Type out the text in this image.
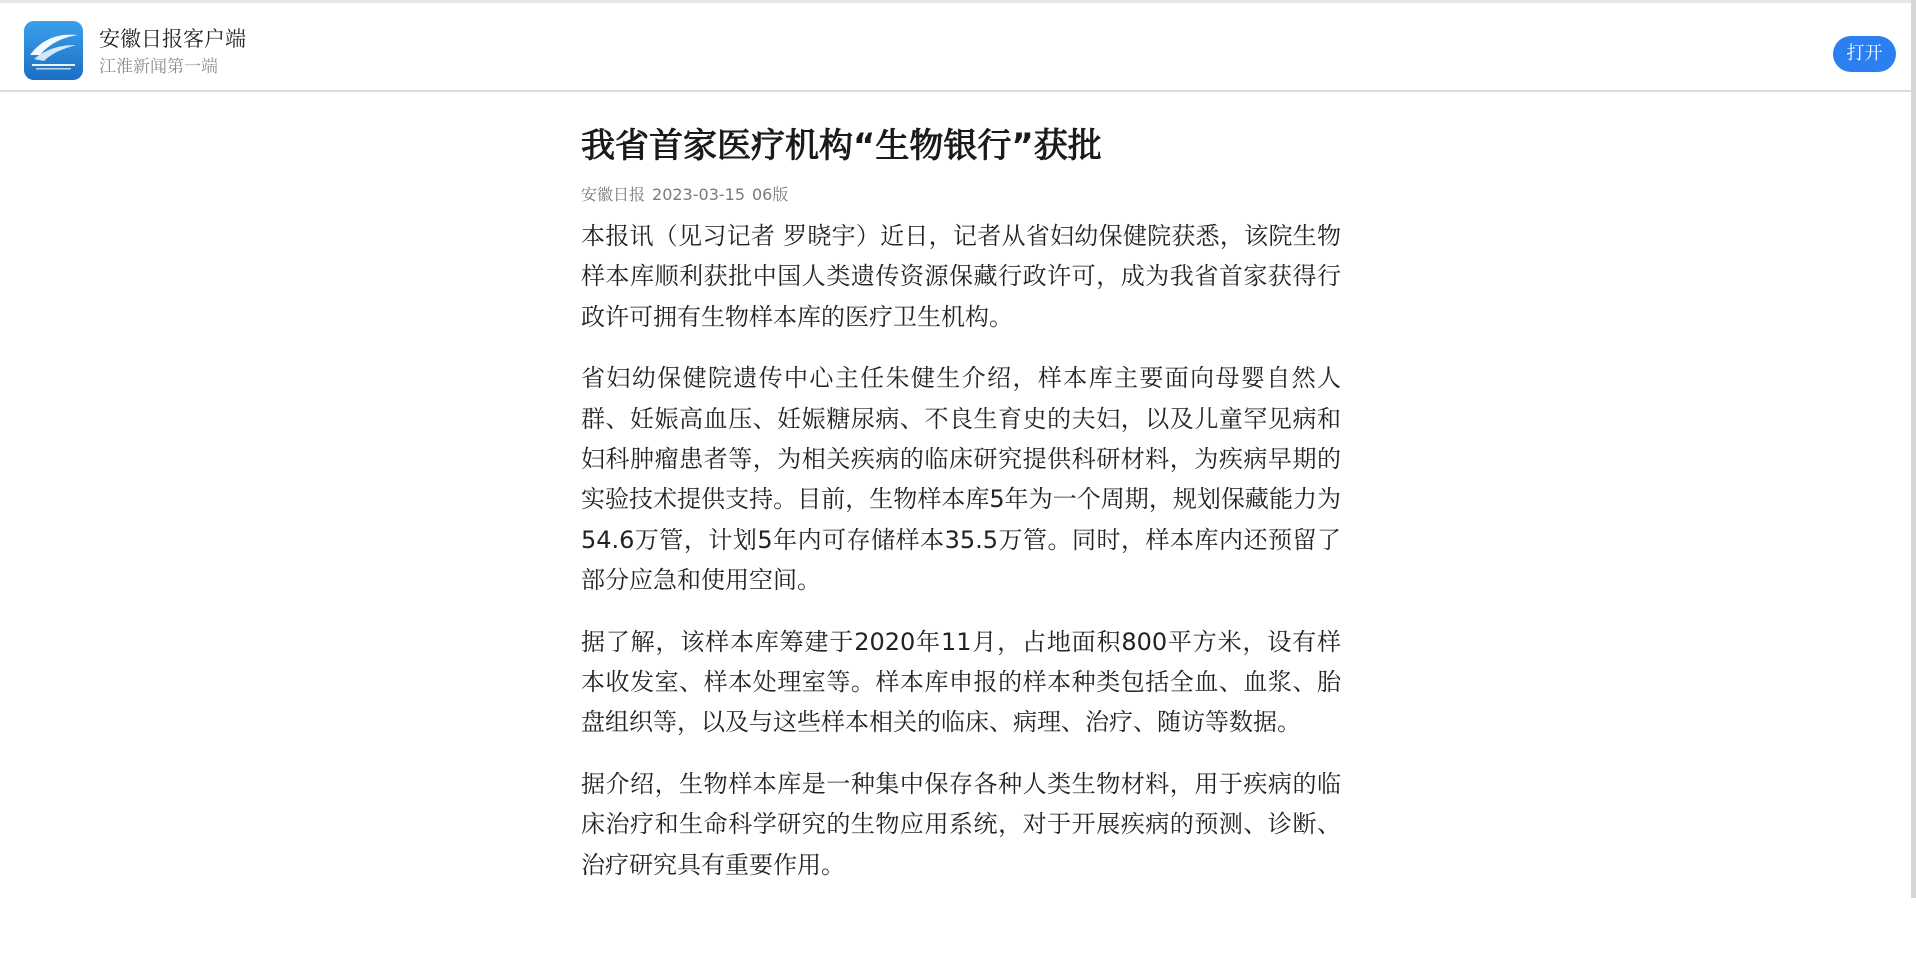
安徽日报客户端
江淮新闻第一端
打开
我省首家医疗机构“生物银行”获批
安徽日报 2023-03-15 06版

本报讯（见习记者 罗晓宇）近日，记者从省妇幼保健院获悉，该院生物样本库顺利获批中国人类遗传资源保藏行政许可，成为我省首家获得行政许可拥有生物样本库的医疗卫生机构。

省妇幼保健院遗传中心主任朱健生介绍，样本库主要面向母婴自然人群、妊娠高血压、妊娠糖尿病、不良生育史的夫妇，以及儿童罕见病和妇科肿瘤患者等，为相关疾病的临床研究提供科研材料，为疾病早期的实验技术提供支持。目前，生物样本库5年为一个周期，规划保藏能力为54.6万管，计划5年内可存储样本35.5万管。同时，样本库内还预留了部分应急和使用空间。

据了解，该样本库筹建于2020年11月，占地面积800平方米，设有样本收发室、样本处理室等。样本库申报的样本种类包括全血、血浆、胎盘组织等，以及与这些样本相关的临床、病理、治疗、随访等数据。

据介绍，生物样本库是一种集中保存各种人类生物材料，用于疾病的临床治疗和生命科学研究的生物应用系统，对于开展疾病的预测、诊断、治疗研究具有重要作用。
